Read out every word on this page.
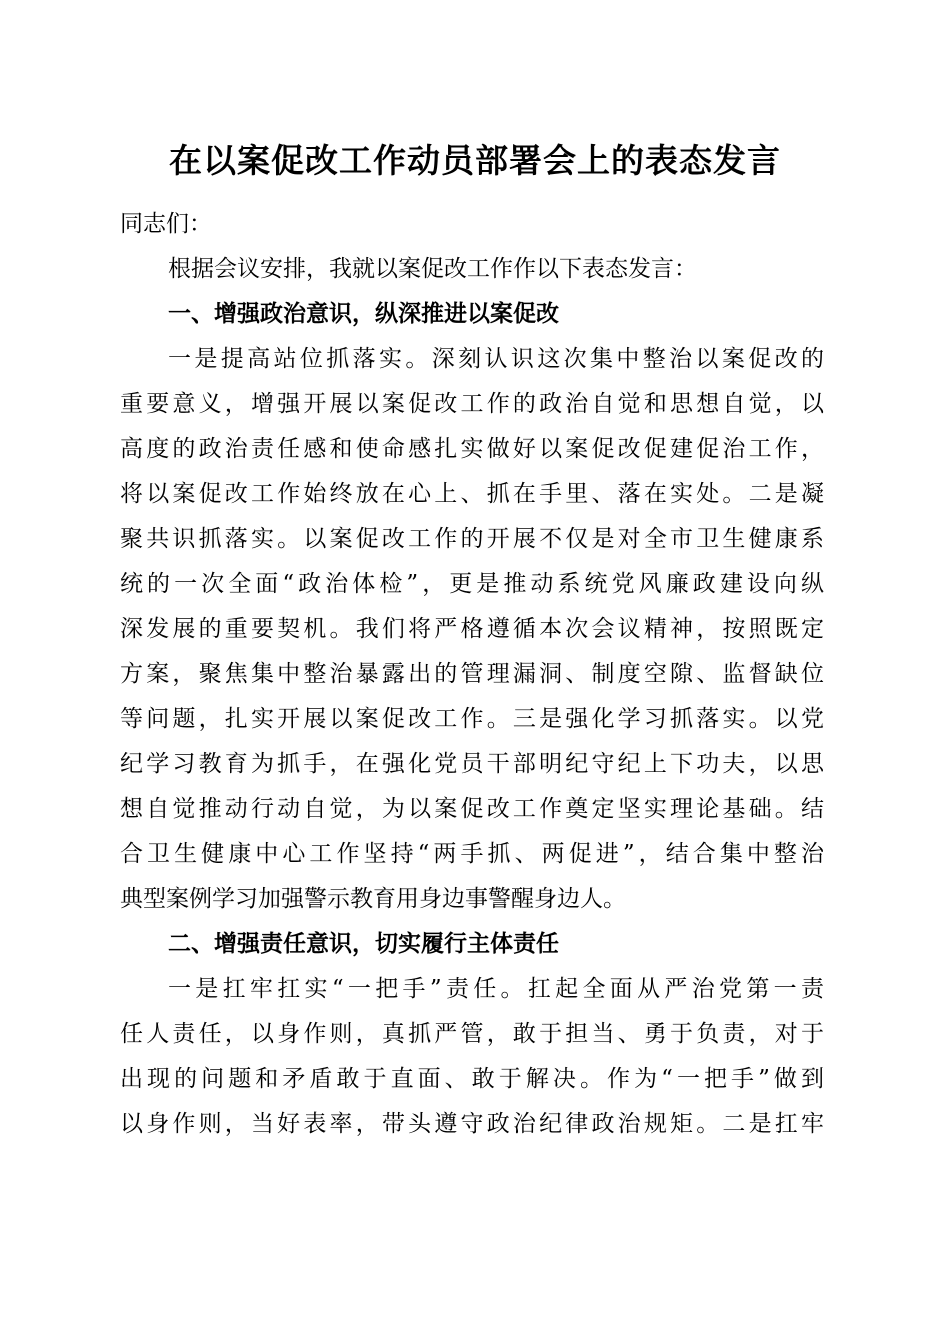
在以案促改工作动员部署会上的表态发言
同志们：
根据会议安排，我就以案促改工作作以下表态发言：
一、增强政治意识，纵深推进以案促改
一是提高站位抓落实。深刻认识这次集中整治以案促改的
重要意义，增强开展以案促改工作的政治自觉和思想自觉，以
高度的政治责任感和使命感扎实做好以案促改促建促治工作，
将以案促改工作始终放在心上、抓在手里、落在实处。二是凝
聚共识抓落实。以案促改工作的开展不仅是对全市卫生健康系
统的一次全面“政治体检”，更是推动系统党风廉政建设向纵
深发展的重要契机。我们将严格遵循本次会议精神，按照既定
方案，聚焦集中整治暴露出的管理漏洞、制度空隙、监督缺位
等问题，扎实开展以案促改工作。三是强化学习抓落实。以党
纪学习教育为抓手，在强化党员干部明纪守纪上下功夫，以思
想自觉推动行动自觉，为以案促改工作奠定坚实理论基础。结
合卫生健康中心工作坚持“两手抓、两促进”，结合集中整治
典型案例学习加强警示教育用身边事警醒身边人。
二、增强责任意识，切实履行主体责任
一是扛牢扛实“一把手”责任。扛起全面从严治党第一责
任人责任，以身作则，真抓严管，敢于担当、勇于负责，对于
出现的问题和矛盾敢于直面、敢于解决。作为“一把手”做到
以身作则，当好表率，带头遵守政治纪律政治规矩。二是扛牢
